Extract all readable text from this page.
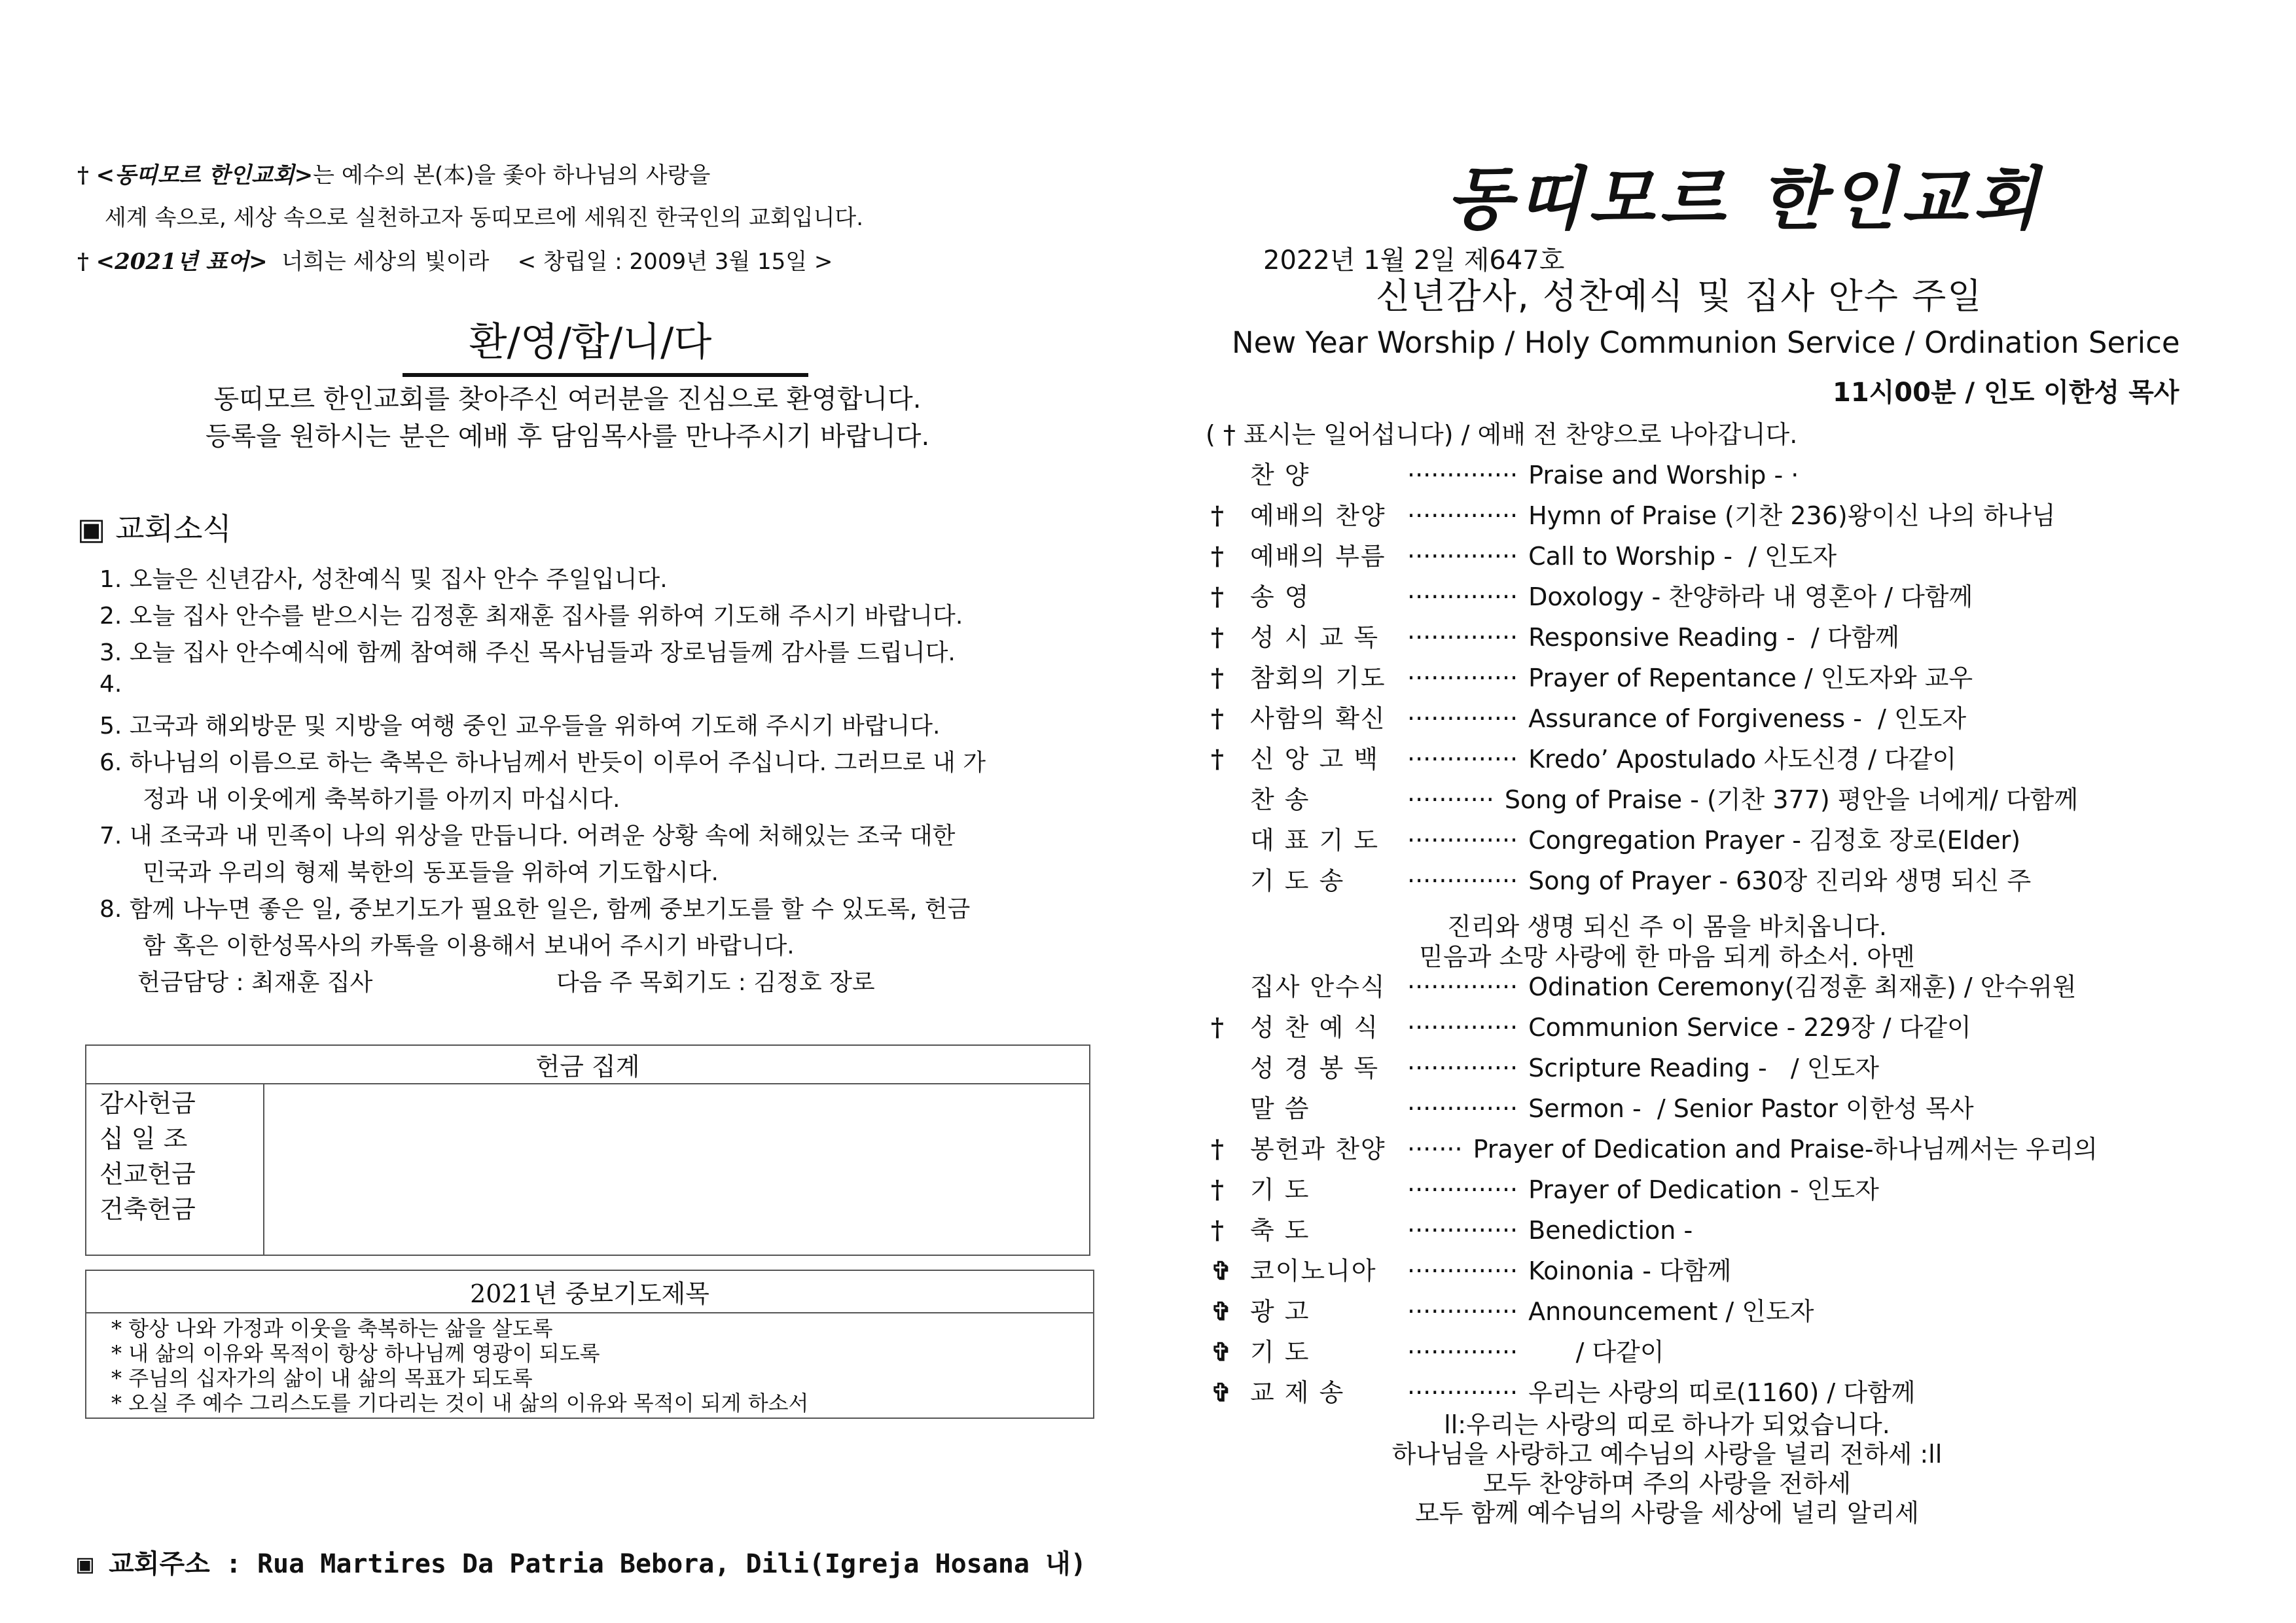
† <동띠모르 한인교회>는 예수의 본(本)을 좇아 하나님의 사랑을
세계 속으로, 세상 속으로 실천하고자 동띠모르에 세워진 한국인의 교회입니다.
† <2021년 표어> 너희는 세상의 빛이라 < 창립일 : 2009년 3월 15일 >
환/영/합/니/다
동띠모르 한인교회를 찾아주신 여러분을 진심으로 환영합니다.
등록을 원하시는 분은 예배 후 담임목사를 만나주시기 바랍니다.
▣ 교회소식
1. 오늘은 신년감사, 성찬예식 및 집사 안수 주일입니다.
2. 오늘 집사 안수를 받으시는 김정훈 최재훈 집사를 위하여 기도해 주시기 바랍니다.
3. 오늘 집사 안수예식에 함께 참여해 주신 목사님들과 장로님들께 감사를 드립니다.
4.
5. 고국과 해외방문 및 지방을 여행 중인 교우들을 위하여 기도해 주시기 바랍니다.
6. 하나님의 이름으로 하는 축복은 하나님께서 반듯이 이루어 주십니다. 그러므로 내 가
정과 내 이웃에게 축복하기를 아끼지 마십시다.
7. 내 조국과 내 민족이 나의 위상을 만듭니다. 어려운 상황 속에 처해있는 조국 대한
민국과 우리의 형제 북한의 동포들을 위하여 기도합시다.
8. 함께 나누면 좋은 일, 중보기도가 필요한 일은, 함께 중보기도를 할 수 있도록, 헌금
함 혹은 이한성목사의 카톡을 이용해서 보내어 주시기 바랍니다.
헌금담당 : 최재훈 집사	다음 주 목회기도 : 김정호 장로
헌금 집계

감사헌금
십 일 조
선교헌금
건축헌금

2021년 중보기도제목
* 항상 나와 가정과 이웃을 축복하는 삶을 살도록
* 내 삶의 이유와 목적이 항상 하나님께 영광이 되도록
* 주님의 십자가의 삶이 내 삶의 목표가 되도록
* 오실 주 예수 그리스도를 기다리는 것이 내 삶의 이유와 목적이 되게 하소서
▣ 교회주소 : Rua Martires Da Patria Bebora, Dili(Igreja Hosana 내)
동띠모르 한인교회
2022년 1월 2일 제647호
신년감사, 성찬예식 및 집사 안수 주일
New Year Worship / Holy Communion Service / Ordination Serice
11시00분 / 인도 이한성 목사
( † 표시는 일어섭니다) / 예배 전 찬양으로 나아갑니다.
찬 양	·············· Praise and Worship - ·
† 예배의 찬양 ·············· Hymn of Praise (기찬 236)왕이신 나의 하나님
† 예배의 부름 ·············· Call to Worship -  / 인도자
† 송 영	·············· Doxology - 찬양하라 내 영혼아 / 다함께
† 성 시 교 독 ·············· Responsive Reading -  / 다함께
† 참회의 기도 ·············· Prayer of Repentance / 인도자와 교우
† 사함의 확신 ·············· Assurance of Forgiveness -  / 인도자
† 신 앙 고 백 ·············· Kredo’ Apostulado 사도신경 / 다같이
찬 송	··········· Song of Praise - (기찬 377) 평안을 너에게/ 다함께
대 표 기 도 ·············· Congregation Prayer - 김정호 장로(Elder)
기 도 송	·············· Song of Prayer - 630장 진리와 생명 되신 주
집사 안수식 ·············· Odination Ceremony(김정훈 최재훈) / 안수위원
† 성 찬 예 식 ·············· Communion Service - 229장 / 다같이
성 경 봉 독 ·············· Scripture Reading -   / 인도자
말 씀	·············· Sermon -  / Senior Pastor 이한성 목사
† 봉헌과 찬양 ······· Prayer of Dedication and Praise-하나님께서는 우리의
† 기 도	·············· Prayer of Dedication - 인도자
† 축 도	·············· Benediction -
✞ 코이노니아 ·············· Koinonia - 다함께
✞ 광 고	·············· Announcement / 인도자
✞ 기 도	··············      / 다같이
✞ 교 제 송	·············· 우리는 사랑의 띠로(1160) / 다함께
진리와 생명 되신 주 이 몸을 바치옵니다.
믿음과 소망 사랑에 한 마음 되게 하소서. 아멘
ll:우리는 사랑의 띠로 하나가 되었습니다.
하나님을 사랑하고 예수님의 사랑을 널리 전하세 :ll
모두 찬양하며 주의 사랑을 전하세
모두 함께 예수님의 사랑을 세상에 널리 알리세
